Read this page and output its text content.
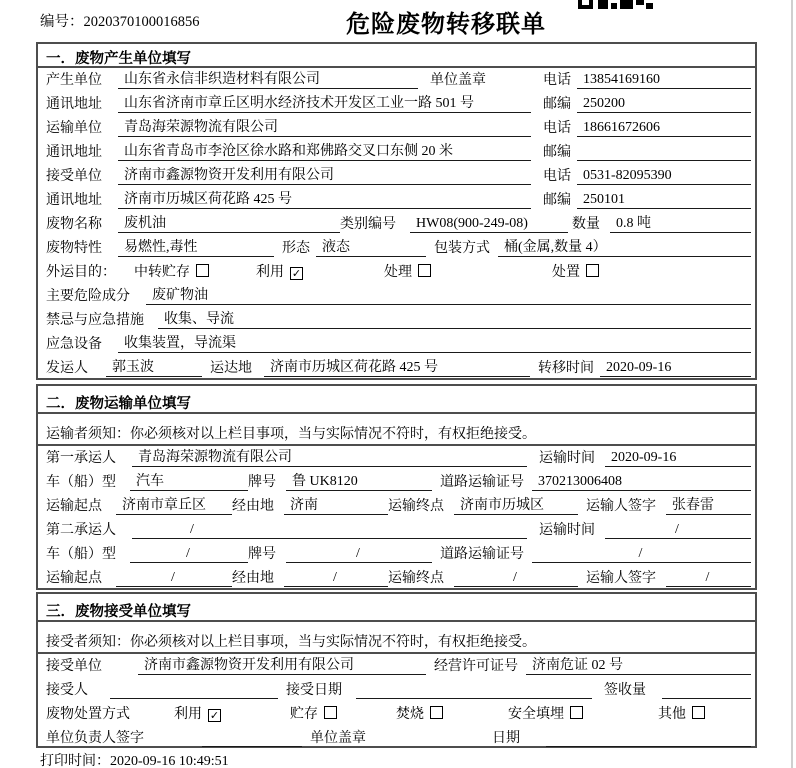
编号：2020370100016856	危险废物转移联单
一．废物产生单位填写
产生单位	山东省永信非织造材料有限公司	单位盖章	电话 13854169160
通讯地址	山东省济南市章丘区明水经济技术开发区工业一路 501 号	邮编 250200
运输单位	青岛海荣源物流有限公司	电话 18661672606
通讯地址	山东省青岛市李沧区徐水路和郑佛路交叉口东侧 20 米	邮编
接受单位	济南市鑫源物资开发利用有限公司	电话 0531-82095390
通讯地址	济南市历城区荷花路 425 号	邮编 250101
废物名称	废机油	类别编号	HW08(900-249-08)	数量	0.8 吨
废物特性	易燃性,毒性	形态 液态	包装方式	桶(金属,数量 4）
外运目的：	中转贮存	利用 ✓	处理	处置
主要危险成分	废矿物油
禁忌与应急措施	收集、导流
应急设备	收集装置，导流渠
发运人	郭玉波	运达地	济南市历城区荷花路 425 号	转移时间 2020-09-16
二．废物运输单位填写
运输者须知： 你必须核对以上栏目事项，当与实际情况不符时，有权拒绝接受。
第一承运人	青岛海荣源物流有限公司	运输时间	2020-09-16
车（船）型	汽车	牌号	鲁 UK8120	道路运输证号	370213006408
运输起点	济南市章丘区	经由地	济南	运输终点	济南市历城区	运输人签字	张春雷
第二承运人	/	运输时间	/
车（船）型	/	牌号	/	道路运输证号	/
运输起点	/	经由地	/	运输终点	/	运输人签字	/
三．废物接受单位填写
接受者须知： 你必须核对以上栏目事项，当与实际情况不符时，有权拒绝接受。
接受单位	济南市鑫源物资开发利用有限公司	经营许可证号	济南危证 02 号
接受人	接受日期	签收量
废物处置方式	利用 ✓	贮存	焚烧	安全填埋	其他
单位负责人签字	单位盖章	日期
打印时间：2020-09-16 10:49:51
